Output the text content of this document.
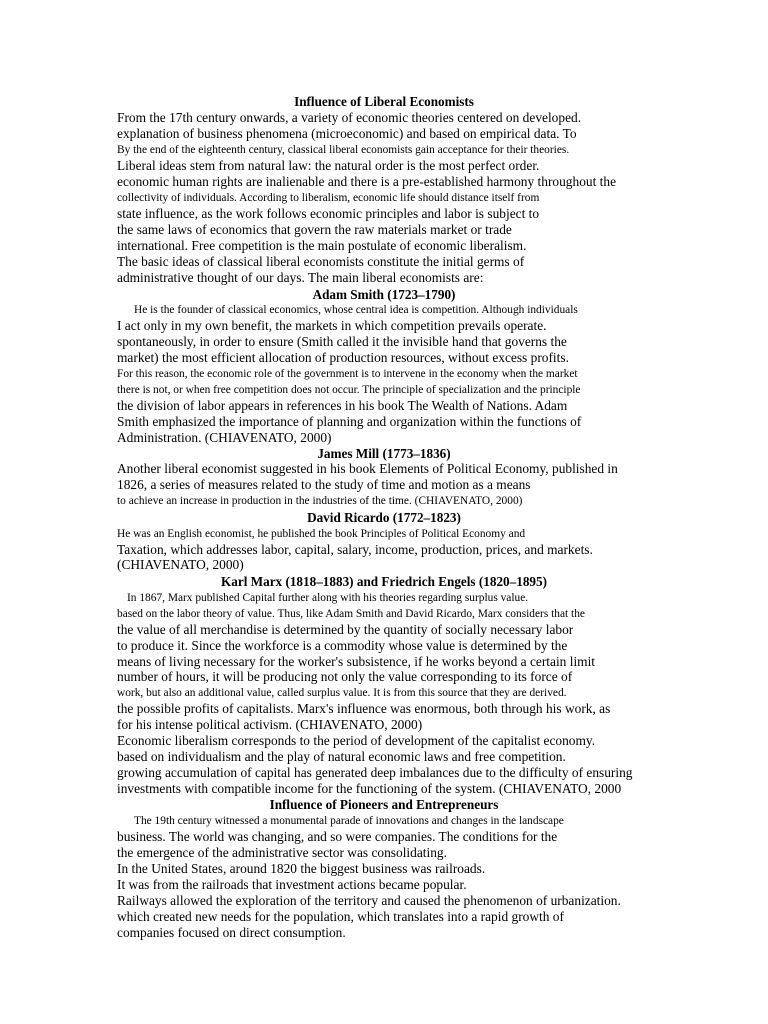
Influence of Liberal Economists
From the 17th century onwards, a variety of economic theories centered on developed.
explanation of business phenomena (microeconomic) and based on empirical data. To
By the end of the eighteenth century, classical liberal economists gain acceptance for their theories.
Liberal ideas stem from natural law: the natural order is the most perfect order.
economic human rights are inalienable and there is a pre-established harmony throughout the
collectivity of individuals. According to liberalism, economic life should distance itself from
state influence, as the work follows economic principles and labor is subject to
the same laws of economics that govern the raw materials market or trade
international. Free competition is the main postulate of economic liberalism.
The basic ideas of classical liberal economists constitute the initial germs of
administrative thought of our days. The main liberal economists are:
Adam Smith (1723–1790)
He is the founder of classical economics, whose central idea is competition. Although individuals
I act only in my own benefit, the markets in which competition prevails operate.
spontaneously, in order to ensure (Smith called it the invisible hand that governs the
market) the most efficient allocation of production resources, without excess profits.
For this reason, the economic role of the government is to intervene in the economy when the market
there is not, or when free competition does not occur. The principle of specialization and the principle
the division of labor appears in references in his book The Wealth of Nations. Adam
Smith emphasized the importance of planning and organization within the functions of
Administration. (CHIAVENATO, 2000)
James Mill (1773–1836)
Another liberal economist suggested in his book Elements of Political Economy, published in
1826, a series of measures related to the study of time and motion as a means
to achieve an increase in production in the industries of the time. (CHIAVENATO, 2000)
David Ricardo (1772–1823)
He was an English economist, he published the book Principles of Political Economy and
Taxation, which addresses labor, capital, salary, income, production, prices, and markets.
(CHIAVENATO, 2000)
Karl Marx (1818–1883) and Friedrich Engels (1820–1895)
In 1867, Marx published Capital further along with his theories regarding surplus value.
based on the labor theory of value. Thus, like Adam Smith and David Ricardo, Marx considers that the
the value of all merchandise is determined by the quantity of socially necessary labor
to produce it. Since the workforce is a commodity whose value is determined by the
means of living necessary for the worker's subsistence, if he works beyond a certain limit
number of hours, it will be producing not only the value corresponding to its force of
work, but also an additional value, called surplus value. It is from this source that they are derived.
the possible profits of capitalists. Marx's influence was enormous, both through his work, as
for his intense political activism. (CHIAVENATO, 2000)
Economic liberalism corresponds to the period of development of the capitalist economy.
based on individualism and the play of natural economic laws and free competition.
growing accumulation of capital has generated deep imbalances due to the difficulty of ensuring
investments with compatible income for the functioning of the system. (CHIAVENATO, 2000
Influence of Pioneers and Entrepreneurs
The 19th century witnessed a monumental parade of innovations and changes in the landscape
business. The world was changing, and so were companies. The conditions for the
the emergence of the administrative sector was consolidating.
In the United States, around 1820 the biggest business was railroads.
It was from the railroads that investment actions became popular.
Railways allowed the exploration of the territory and caused the phenomenon of urbanization.
which created new needs for the population, which translates into a rapid growth of
companies focused on direct consumption.
